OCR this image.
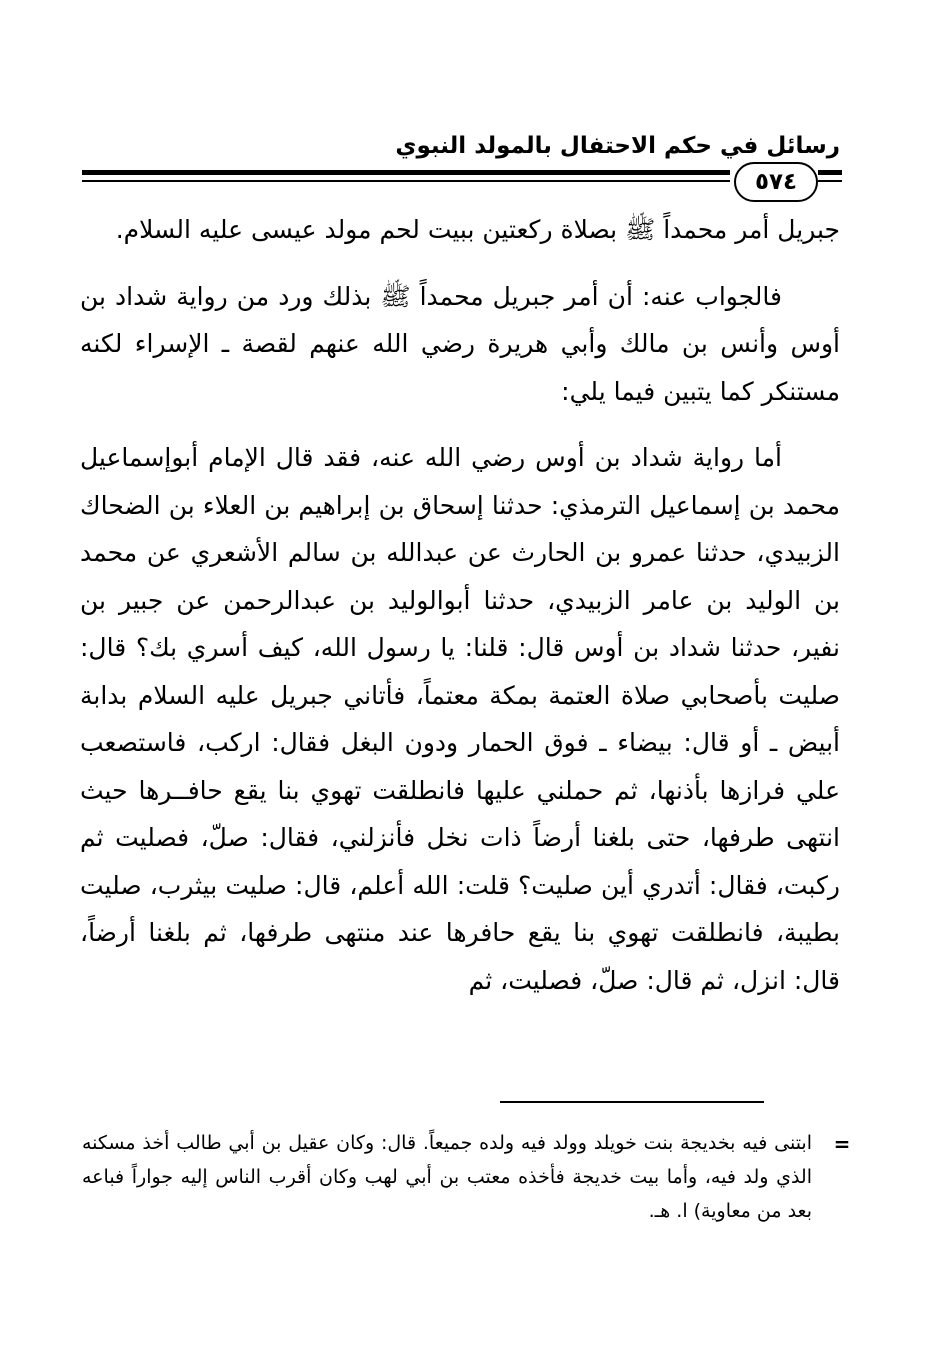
رسائل في حكم الاحتفال بالمولد النبوي
٥٧٤

جبريل أمر محمداً ﷺ بصلاة ركعتين ببيت لحم مولد عيسى عليه السلام.

فالجواب عنه: أن أمر جبريل محمداً ﷺ بذلك ورد من رواية شداد بن أوس وأنس بن مالك وأبي هريرة رضي الله عنهم لقصة ـ الإسراء لكنه مستنكر كما يتبين فيما يلي:

أما رواية شداد بن أوس رضي الله عنه، فقد قال الإمام أبوإسماعيل محمد بن إسماعيل الترمذي: حدثنا إسحاق بن إبراهيم بن العلاء بن الضحاك الزبيدي، حدثنا عمرو بن الحارث عن عبدالله بن سالم الأشعري عن محمد بن الوليد بن عامر الزبيدي، حدثنا أبوالوليد بن عبدالرحمن عن جبير بن نفير، حدثنا شداد بن أوس قال: قلنا: يا رسول الله، كيف أسري بك؟ قال: صليت بأصحابي صلاة العتمة بمكة معتماً، فأتاني جبريل عليه السلام بدابة أبيض ـ أو قال: بيضاء ـ فوق الحمار ودون البغل فقال: اركب، فاستصعب علي فرازها بأذنها، ثم حملني عليها فانطلقت تهوي بنا يقع حافــرها حيث انتهى طرفها، حتى بلغنا أرضاً ذات نخل فأنزلني، فقال: صلّ، فصليت ثم ركبت، فقال: أتدري أين صليت؟ قلت: الله أعلم، قال: صليت بيثرب، صليت بطيبة، فانطلقت تهوي بنا يقع حافرها عند منتهى طرفها، ثم بلغنا أرضاً، قال: انزل، ثم قال: صلّ، فصليت، ثم

=
ابتنى فيه بخديجة بنت خويلد وولد فيه ولده جميعاً. قال: وكان عقيل بن أبي طالب أخذ مسكنه الذي ولد فيه، وأما بيت خديجة فأخذه معتب بن أبي لهب وكان أقرب الناس إليه جواراً فباعه بعد من معاوية) ا. هـ.
